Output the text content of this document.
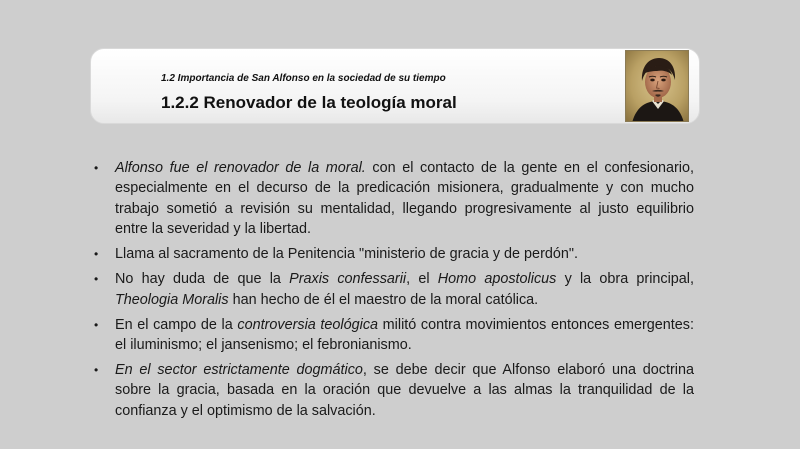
1.2 Importancia de San Alfonso en la sociedad de su tiempo
1.2.2 Renovador de la teología moral
• Alfonso fue el renovador de la moral. con el contacto de la gente en el confesionario, especialmente en el decurso de la predicación misionera, gradualmente y con mucho trabajo sometió a revisión su mentalidad, llegando progresivamente al justo equilibrio entre la severidad y la libertad.
• Llama al sacramento de la Penitencia "ministerio de gracia y de perdón".
• No hay duda de que la Praxis confessarii, el Homo apostolicus y la obra principal, Theologia Moralis han hecho de él el maestro de la moral católica.
• En el campo de la controversia teológica militó contra movimientos entonces emergentes: el iluminismo; el jansenismo; el febronianismo.
• En el sector estrictamente dogmático, se debe decir que Alfonso elaboró una doctrina sobre la gracia, basada en la oración que devuelve a las almas la tranquilidad de la confianza y el optimismo de la salvación.
